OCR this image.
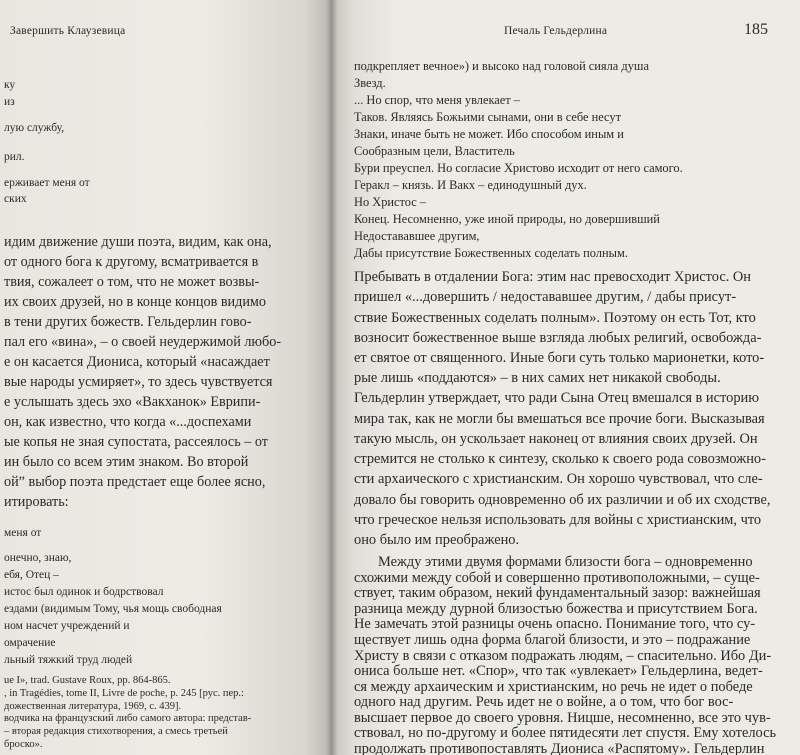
Завершить Клаузевица
ку
из
лую службу,
рил.
ерживает меня от
ских
идим движение души поэта, видим, как она,
от одного бога к другому, всматривается в
твия, сожалеет о том, что не может возвы-
их своих друзей, но в конце концов видимо
в тени других божеств. Гельдерлин гово-
пал его «вина», – о своей неудержимой любо-
е он касается Диониса, который «насаждает
вые народы усмиряет», то здесь чувствуется
е услышать здесь эхо «Вакханок» Еврипи-
он, как известно, что когда «...доспехами
ые копья не зная супостата, рассеялось – от
ин было со всем этим знаком. Во второй
ой” выбор поэта предстает еще более ясно,
итировать:
меня от
онечно, знаю,
ебя, Отец –
истос был одинок и бодрствовал
ездами (видимым Тому, чья мощь свободная
ном насчет учреждений и
омрачение
льный тяжкий труд людей
ue I», trad. Gustave Roux, pp. 864-865.
, in Tragédies, tome II, Livre de poche, p. 245 [рус. пер.:
дожественная литература, 1969, с. 439].
водчика на французский либо самого автора: представ-
– вторая редакция стихотворения, а смесь третьей
броско».
Печаль Гельдерлина	185
подкрепляет вечное») и высоко над головой сияла душа
Звезд.
... Но спор, что меня увлекает –
Таков. Являясь Божьими сынами, они в себе несут
Знаки, иначе быть не может. Ибо способом иным и
Сообразным цели, Властитель
Бури преуспел. Но согласие Христово исходит от него самого.
Геракл – князь. И Вакх – единодушный дух.
Но Христос –
Конец. Несомненно, уже иной природы, но довершивший
Недостававшее другим,
Дабы присутствие Божественных соделать полным.
Пребывать в отдалении Бога: этим нас превосходит Христос. Он
пришел «...довершить / недостававшее другим, / дабы присут-
ствие Божественных соделать полным». Поэтому он есть Тот, кто
возносит божественное выше взгляда любых религий, освобожда-
ет святое от священного. Иные боги суть только марионетки, кото-
рые лишь «поддаются» – в них самих нет никакой свободы.
Гельдерлин утверждает, что ради Сына Отец вмешался в историю
мира так, как не могли бы вмешаться все прочие боги. Высказывая
такую мысль, он ускользает наконец от влияния своих друзей. Он
стремится не столько к синтезу, сколько к своего рода совозможно-
сти архаического с христианским. Он хорошо чувствовал, что сле-
довало бы говорить одновременно об их различии и об их сходстве,
что греческое нельзя использовать для войны с христианским, что
оно было им преображено.
Между этими двумя формами близости бога – одновременно
схожими между собой и совершенно противоположными, – суще-
ствует, таким образом, некий фундаментальный зазор: важнейшая
разница между дурной близостью божества и присутствием Бога.
Не замечать этой разницы очень опасно. Понимание того, что су-
ществует лишь одна форма благой близости, и это – подражание
Христу в связи с отказом подражать людям, – спасительно. Ибо Ди-
ониса больше нет. «Спор», что так «увлекает» Гельдерлина, ведет-
ся между архаическим и христианским, но речь не идет о победе
одного над другим. Речь идет не о войне, а о том, что бог вос-
высшает первое до своего уровня. Ницше, несомненно, все это чув-
ствовал, но по-другому и более пятидесяти лет спустя. Ему хотелось
продолжать противопоставлять Диониса «Распятому». Гельдерлин
